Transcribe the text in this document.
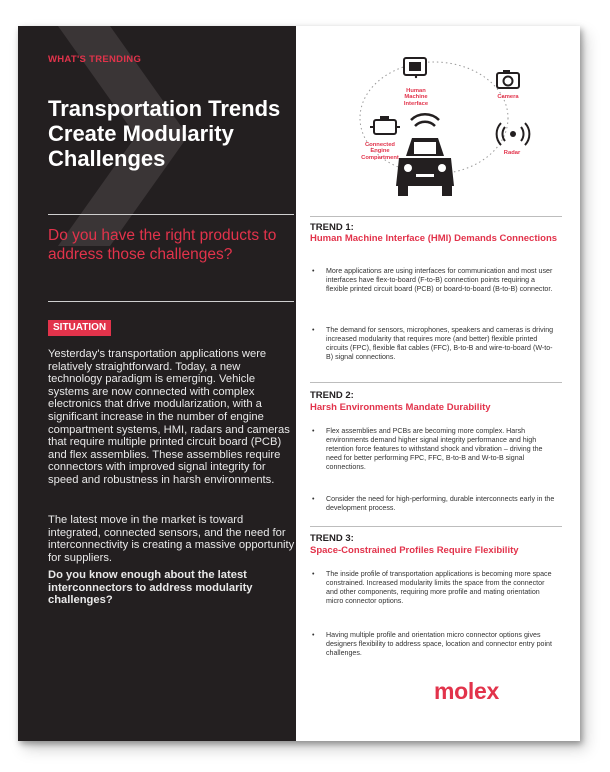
WHAT'S TRENDING
Transportation Trends Create Modularity Challenges
Do you have the right products to address those challenges?
SITUATION
Yesterday's transportation applications were relatively straightforward. Today, a new technology paradigm is emerging. Vehicle systems are now connected with complex electronics that drive modularization, with a significant increase in the number of engine compartment systems, HMI, radars and cameras that require multiple printed circuit board (PCB) and flex assemblies. These assemblies require connectors with improved signal integrity for speed and robustness in harsh environments.
The latest move in the market is toward integrated, connected sensors, and the need for interconnectivity is creating a massive opportunity for suppliers.
Do you know enough about the latest interconnectors to address modularity challenges?
Human Machine Interface
Camera
Connected Engine Compartment
Radar
TREND 1:
Human Machine Interface (HMI) Demands Connections
• More applications are using interfaces for communication and most user interfaces have flex-to-board (F-to-B) connection points requiring a flexible printed circuit board (PCB) or board-to-board (B-to-B) connector.
• The demand for sensors, microphones, speakers and cameras is driving increased modularity that requires more (and better) flexible printed circuits (FPC), flexible flat cables (FFC), B-to-B and wire-to-board (W-to-B) signal connections.
TREND 2:
Harsh Environments Mandate Durability
• Flex assemblies and PCBs are becoming more complex. Harsh environments demand higher signal integrity performance and high retention force features to withstand shock and vibration – driving the need for better performing FPC, FFC, B-to-B and W-to-B signal connections.
• Consider the need for high-performing, durable interconnects early in the development process.
TREND 3:
Space-Constrained Profiles Require Flexibility
• The inside profile of transportation applications is becoming more space constrained. Increased modularity limits the space from the connector and other components, requiring more profile and mating orientation micro connector options.
• Having multiple profile and orientation micro connector options gives designers flexibility to address space, location and connector entry point challenges.
molex
